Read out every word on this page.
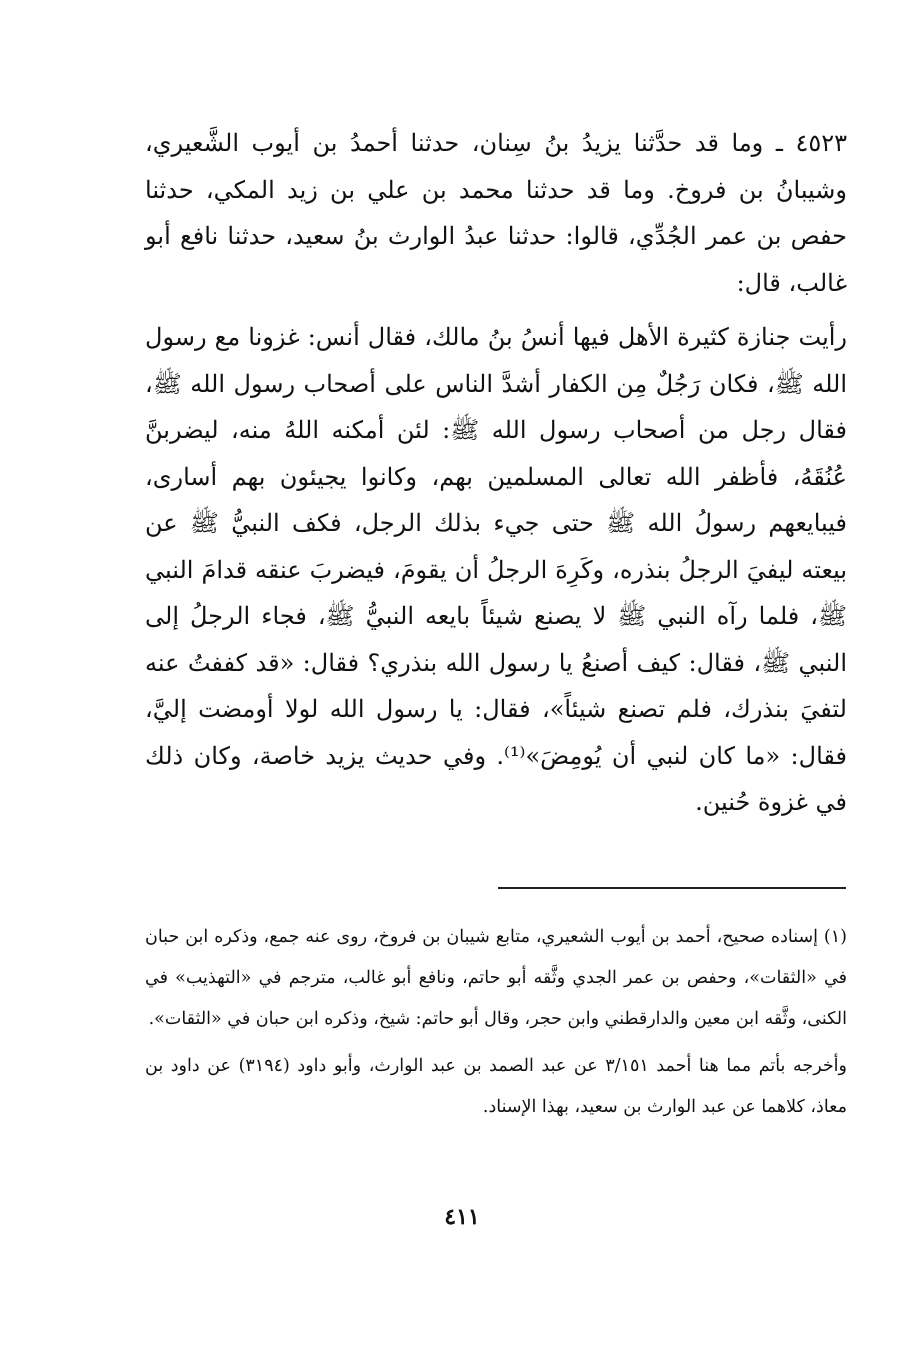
٤٥٢٣ ـ وما قد حدَّثنا يزيدُ بنُ سِنان، حدثنا أحمدُ بن أيوب الشَّعيري، وشيبانُ بن فروخ. وما قد حدثنا محمد بن علي بن زيد المكي، حدثنا حفص بن عمر الجُدِّي، قالوا: حدثنا عبدُ الوارث بنُ سعيد، حدثنا نافع أبو غالب، قال:

رأيت جنازة كثيرة الأهل فيها أنسُ بنُ مالك، فقال أنس: غزونا مع رسول الله ﷺ، فكان رَجُلٌ مِن الكفار أشدَّ الناس على أصحاب رسول الله ﷺ، فقال رجل من أصحاب رسول الله ﷺ: لئن أمكنه اللهُ منه، ليضربنَّ عُنُقَهُ، فأظفر الله تعالى المسلمين بهم، وكانوا يجيئون بهم أسارى، فيبايعهم رسولُ الله ﷺ حتى جيء بذلك الرجل، فكف النبيُّ ﷺ عن بيعته ليفيَ الرجلُ بنذره، وكَرِهَ الرجلُ أن يقومَ، فيضربَ عنقه قدامَ النبي ﷺ، فلما رآه النبي ﷺ لا يصنع شيئاً بايعه النبيُّ ﷺ، فجاء الرجلُ إلى النبي ﷺ، فقال: كيف أصنعُ يا رسول الله بنذري؟ فقال: «قد كففتُ عنه لتفيَ بنذرك، فلم تصنع شيئاً»، فقال: يا رسول الله لولا أومضت إليَّ، فقال: «ما كان لنبي أن يُومِضَ»⁽¹⁾. وفي حديث يزيد خاصة، وكان ذلك في غزوة حُنين.

(١) إسناده صحيح، أحمد بن أيوب الشعيري، متابع شيبان بن فروخ، روى عنه جمع، وذكره ابن حبان في «الثقات»، وحفص بن عمر الجدي وثَّقه أبو حاتم، ونافع أبو غالب، مترجم في «التهذيب» في الكنى، وثَّقه ابن معين والدارقطني وابن حجر، وقال أبو حاتم: شيخ، وذكره ابن حبان في «الثقات».

وأخرجه بأتم مما هنا أحمد ٣/١٥١ عن عبد الصمد بن عبد الوارث، وأبو داود (٣١٩٤) عن داود بن معاذ، كلاهما عن عبد الوارث بن سعيد، بهذا الإسناد.

٤١١
